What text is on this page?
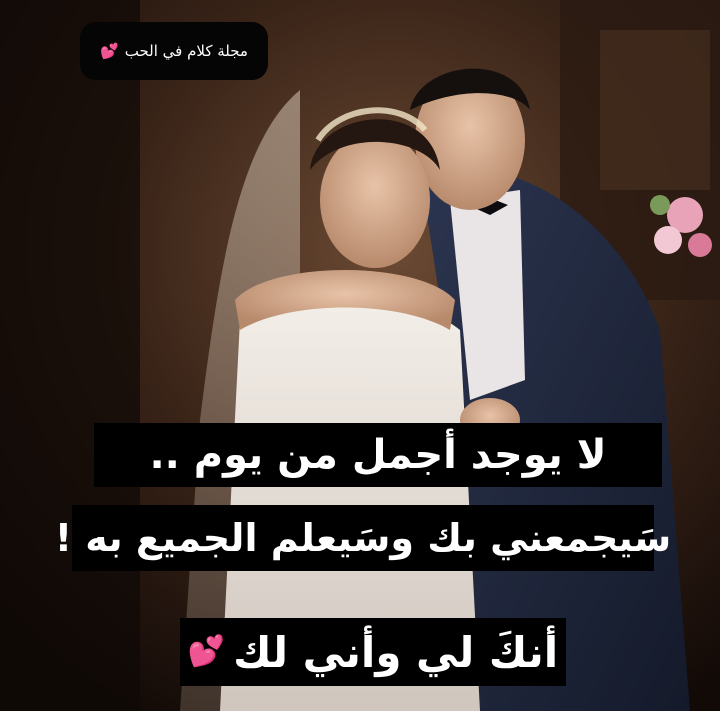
مجلة كلام في الحب
💕
لا يوجد أجمل من يوم ..
سَيجمعني بك وسَيعلم الجميع به !
أنكَ لي وأني لك
💕
